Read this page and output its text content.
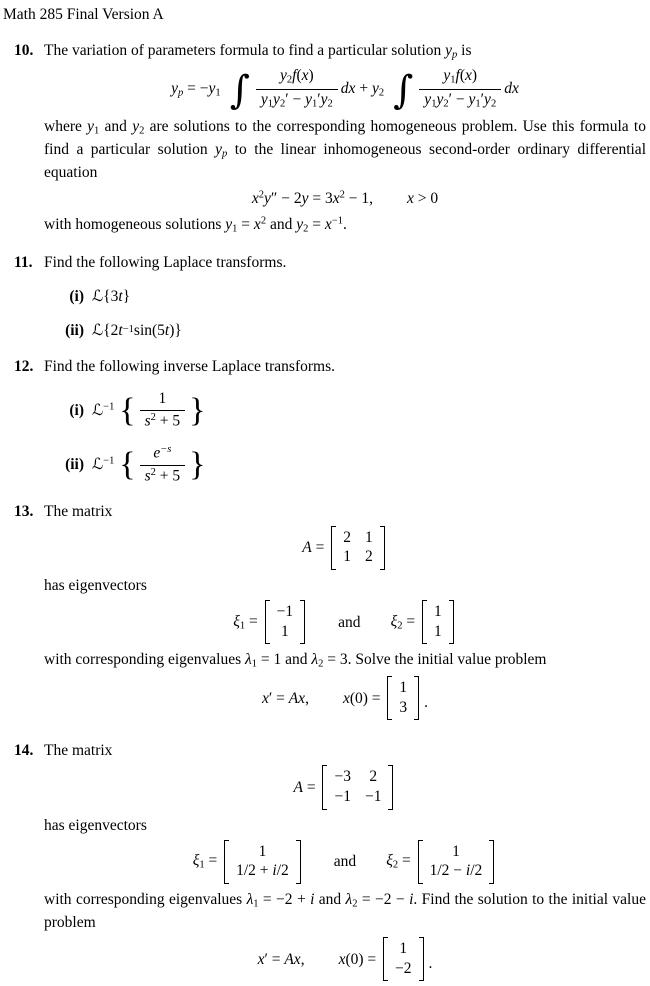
Math 285 Final Version A
10. The variation of parameters formula to find a particular solution yp is

yp = −y1 ∫ $\frac{y2f(x)}{y1y2' - y1'y2}$ dx + y2 ∫ $\frac{y1f(x)}{y1y2' - y1'y2}$ dx

where y1 and y2 are solutions to the corresponding homogeneous problem. Use this formula to find a particular solution yp to the linear inhomogeneous second-order ordinary differential equation

$x^2y'' - 2y = 3x^2 - 1$, x > 0

with homogeneous solutions $y1 = x^2$ and $y2 = x^{-1}$.

11. Find the following Laplace transforms.

(i) ℒ {3 t }
(ii) ℒ {2 t −1 sin(5 t )}
12. Find the following inverse Laplace transforms.

(i) ℒ$^{-1}$ { $\frac{1}{s^2 + 5}$ }
(ii) ℒ$^{-1}$ { $\frac{e^{-s}}{s^2 + 5}$ }
13. The matrix

A =
2 1
1 2

has eigenvectors

ξ1 =
−1
1
and ξ2 =
1
1

with corresponding eigenvalues λ1 = 1 and λ2 = 3. Solve the initial value problem

x′ = Ax, x(0) =
1
3 .
14. The matrix

A =
−3 2
−1 −1

has eigenvectors

ξ1 =
1
1/2 + i/2
and ξ2 =
1
1/2 − i/2

with corresponding eigenvalues λ1 = −2 + i and λ2 = −2 − i. Find the solution to the initial value problem

x′ = Ax, x(0) =
1
−2 .
